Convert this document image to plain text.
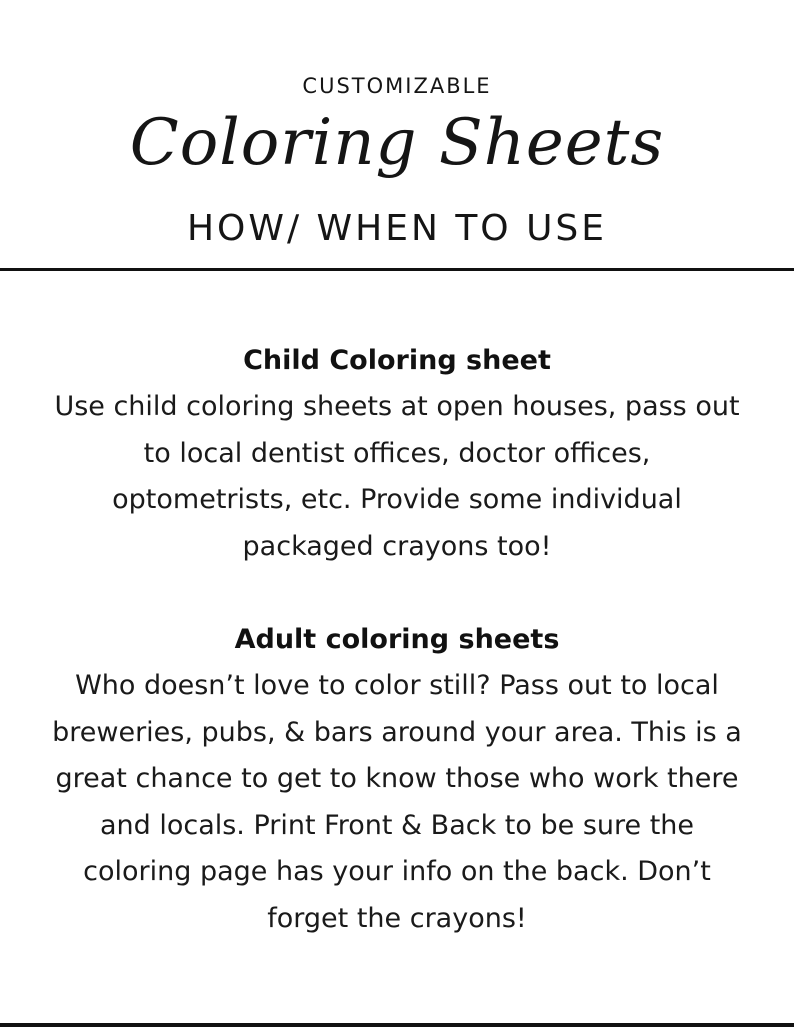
CUSTOMIZABLE
Coloring Sheets
HOW/ WHEN TO USE
Child Coloring sheet
Use child coloring sheets at open houses, pass out
to local dentist offices, doctor offices,
optometrists, etc. Provide some individual
packaged crayons too!
Adult coloring sheets
Who doesn’t love to color still? Pass out to local
breweries, pubs, & bars around your area. This is a
great chance to get to know those who work there
and locals. Print Front & Back to be sure the
coloring page has your info on the back. Don’t
forget the crayons!
